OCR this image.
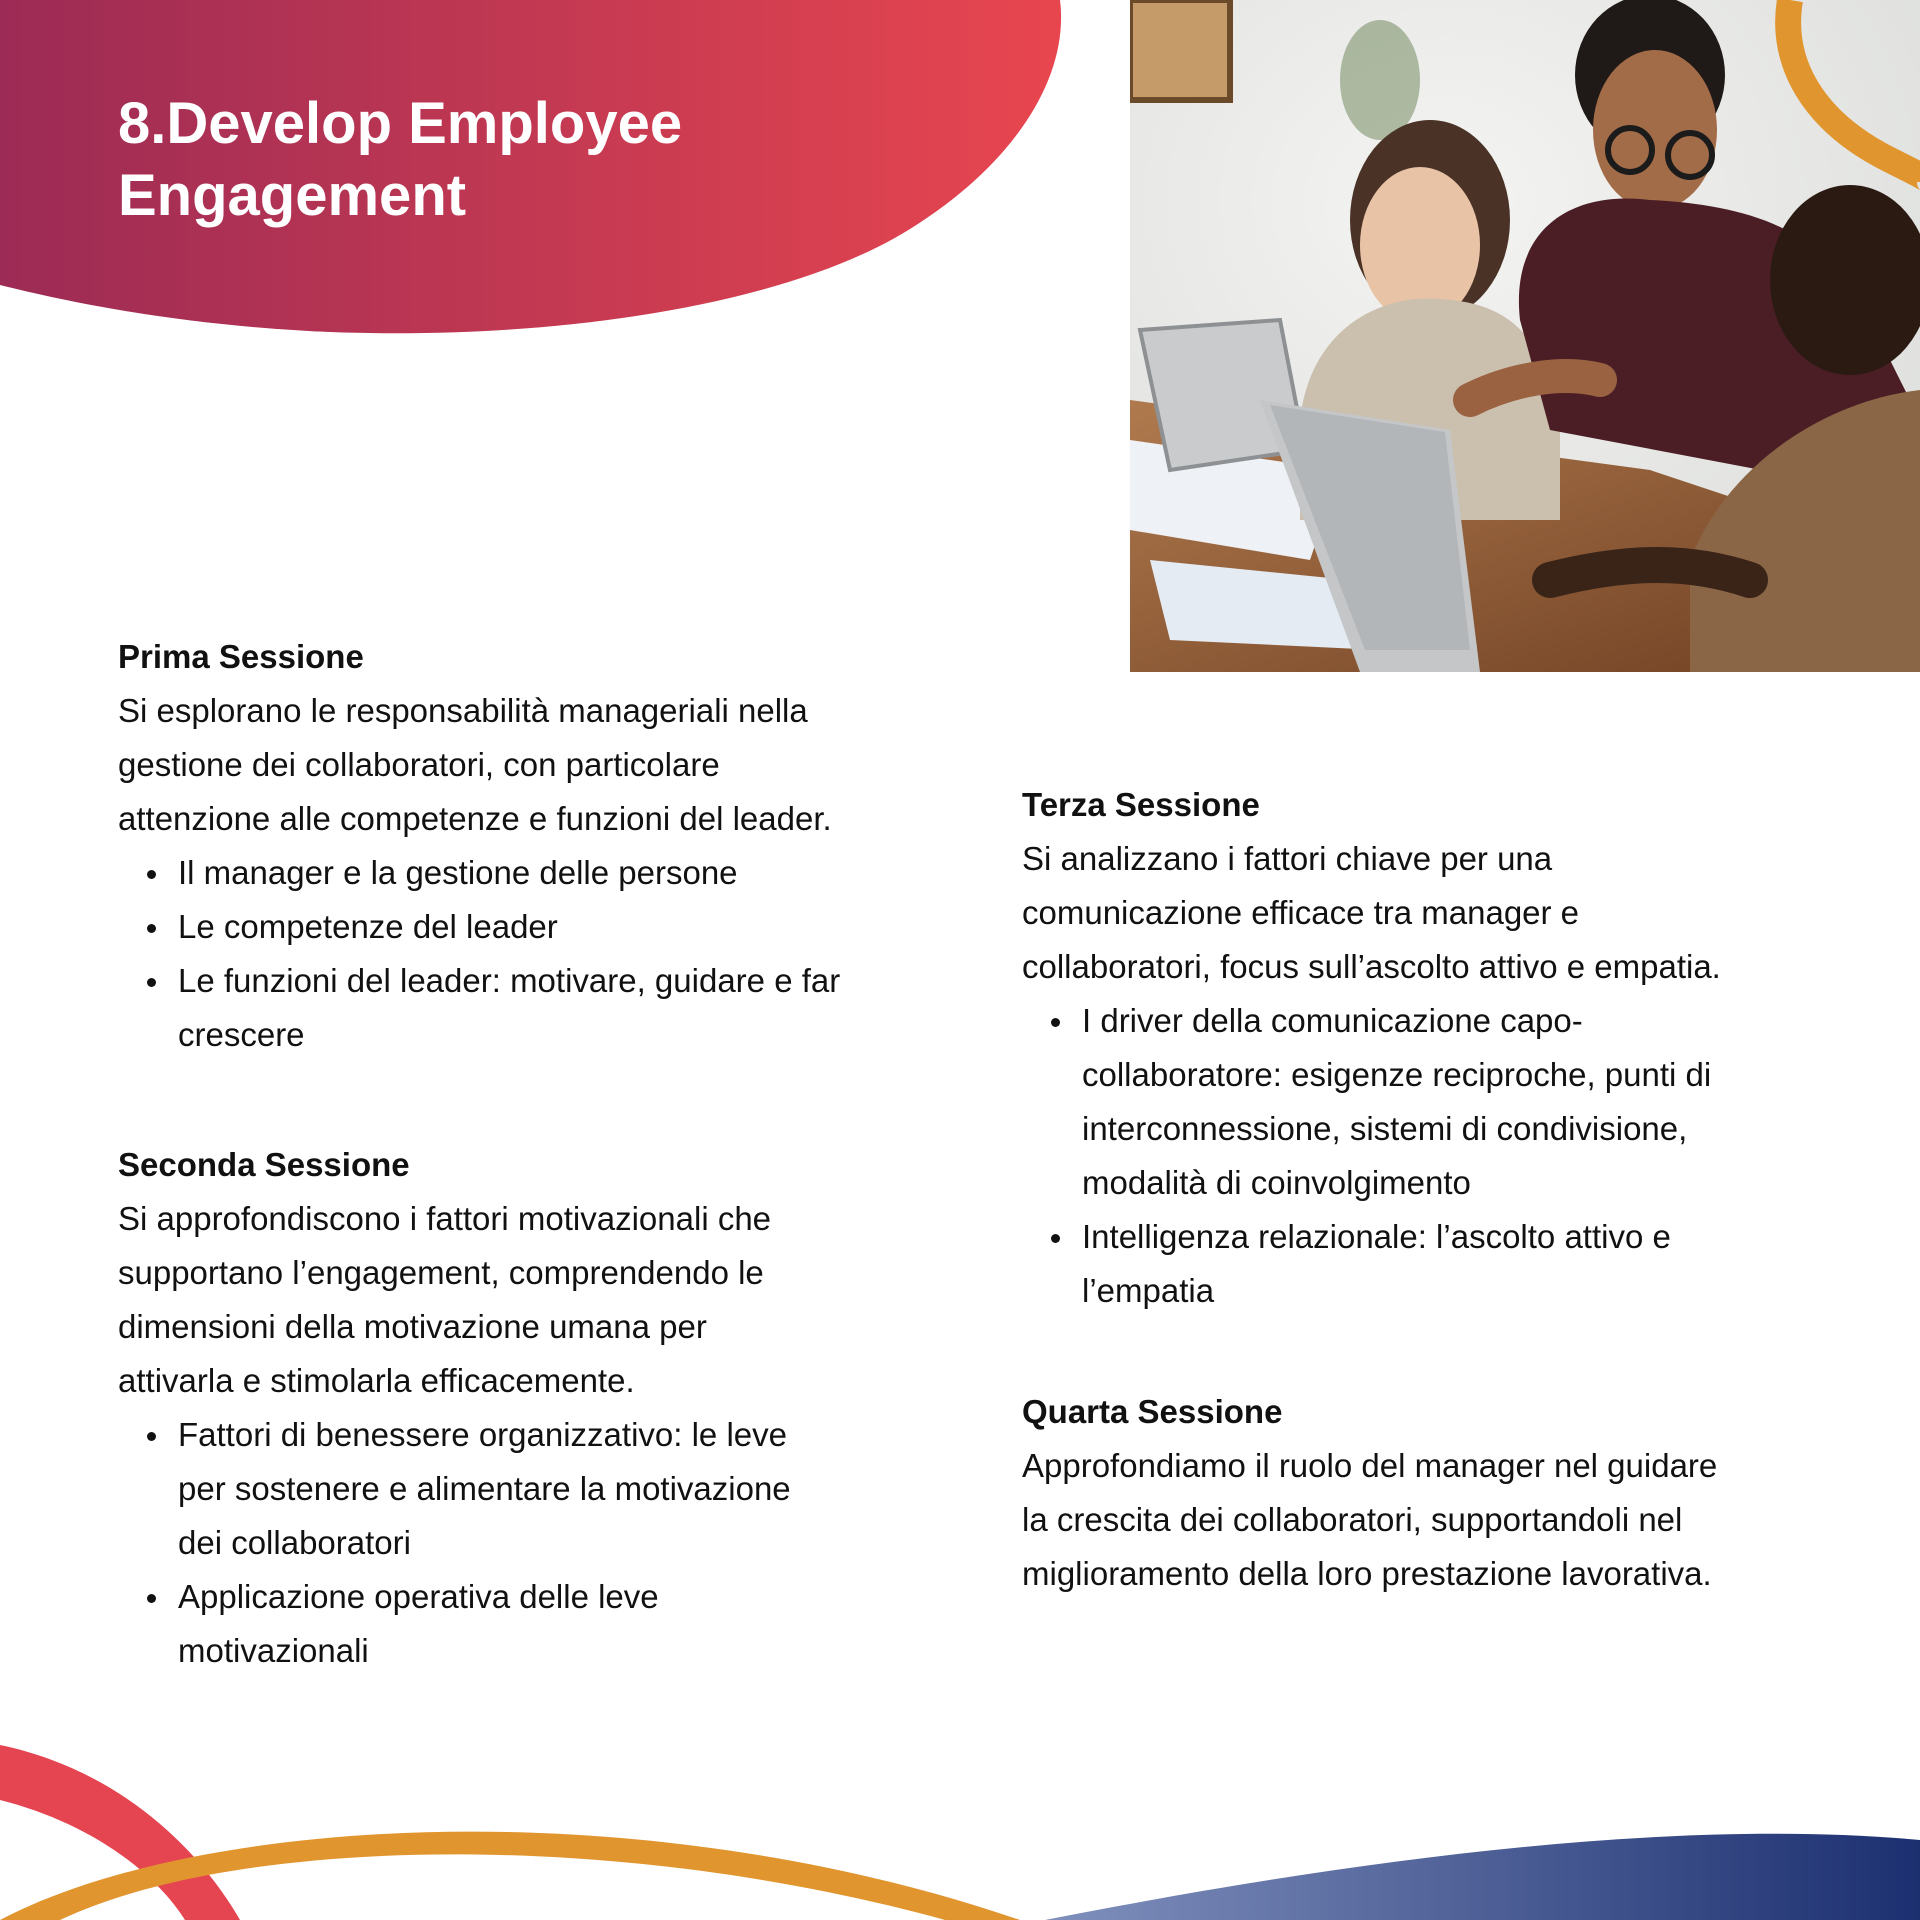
8.Develop Employee
Engagement
Prima Sessione

Si esplorano le responsabilità manageriali nella
gestione dei collaboratori, con particolare
attenzione alle competenze e funzioni del leader.

Il manager e la gestione delle persone
Le competenze del leader
Le funzioni del leader: motivare, guidare e far
crescere
Seconda Sessione

Si approfondiscono i fattori motivazionali che
supportano l’engagement, comprendendo le
dimensioni della motivazione umana per
attivarla e stimolarla efficacemente.

Fattori di benessere organizzativo: le leve
per sostenere e alimentare la motivazione
dei collaboratori
Applicazione operativa delle leve
motivazionali
Terza Sessione

Si analizzano i fattori chiave per una
comunicazione efficace tra manager e
collaboratori, focus sull’ascolto attivo e empatia.

I driver della comunicazione capo-
collaboratore: esigenze reciproche, punti di
interconnessione, sistemi di condivisione,
modalità di coinvolgimento
Intelligenza relazionale: l’ascolto attivo e
l’empatia
Quarta Sessione

Approfondiamo il ruolo del manager nel guidare
la crescita dei collaboratori, supportandoli nel
miglioramento della loro prestazione lavorativa.
